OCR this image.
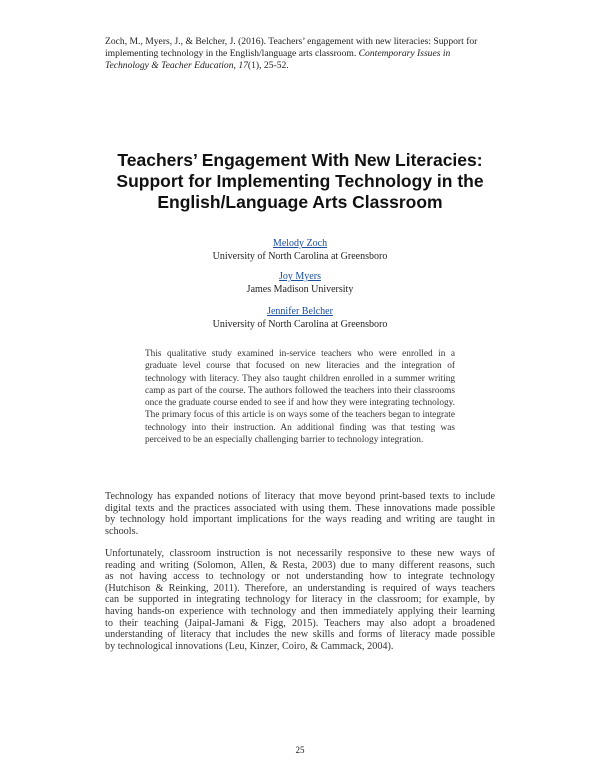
Zoch, M., Myers, J., & Belcher, J. (2016). Teachers’ engagement with new literacies: Support for
implementing technology in the English/language arts classroom. Contemporary Issues in
Technology & Teacher Education, 17(1), 25-52.
Teachers’ Engagement With New Literacies:
Support for Implementing Technology in the
English/Language Arts Classroom
Melody Zoch
University of North Carolina at Greensboro
Joy Myers
James Madison University
Jennifer Belcher
University of North Carolina at Greensboro
This qualitative study examined in-service teachers who were enrolled in a
graduate level course that focused on new literacies and the integration of
technology with literacy. They also taught children enrolled in a summer writing
camp as part of the course. The authors followed the teachers into their classrooms
once the graduate course ended to see if and how they were integrating technology.
The primary focus of this article is on ways some of the teachers began to integrate
technology into their instruction. An additional finding was that testing was
perceived to be an especially challenging barrier to technology integration.
Technology has expanded notions of literacy that move beyond print-based texts to include
digital texts and the practices associated with using them. These innovations made possible
by technology hold important implications for the ways reading and writing are taught in
schools.
Unfortunately, classroom instruction is not necessarily responsive to these new ways of
reading and writing (Solomon, Allen, & Resta, 2003) due to many different reasons, such
as not having access to technology or not understanding how to integrate technology
(Hutchison & Reinking, 2011). Therefore, an understanding is required of ways teachers
can be supported in integrating technology for literacy in the classroom; for example, by
having hands-on experience with technology and then immediately applying their learning
to their teaching (Jaipal-Jamani & Figg, 2015). Teachers may also adopt a broadened
understanding of literacy that includes the new skills and forms of literacy made possible
by technological innovations (Leu, Kinzer, Coiro, & Cammack, 2004).
25
